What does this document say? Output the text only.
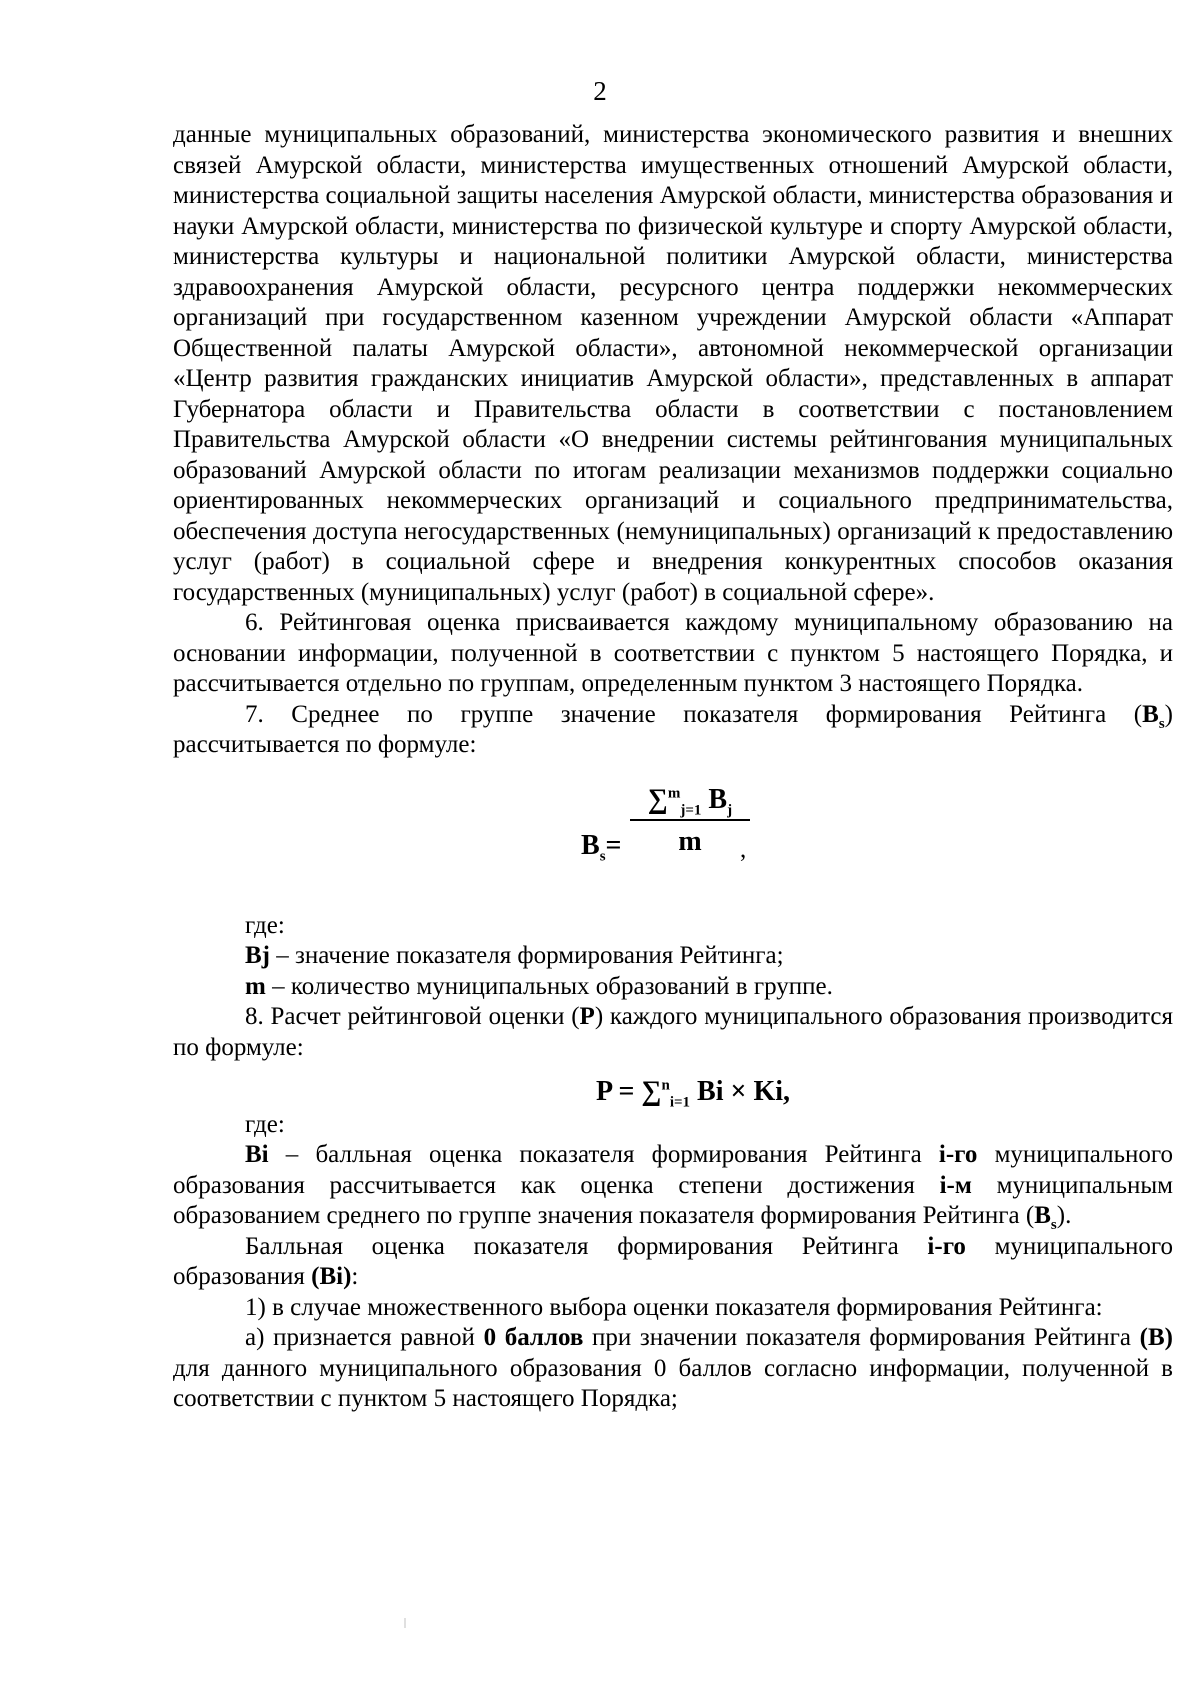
2

данные муниципальных образований, министерства экономического развития и внешних связей Амурской области, министерства имущественных отношений Амурской области, министерства социальной защиты населения Амурской области, министерства образования и науки Амурской области, министерства по физической культуре и спорту Амурской области, министерства культуры и национальной политики Амурской области, министерства здравоохранения Амурской области, ресурсного центра поддержки некоммерческих организаций при государственном казенном учреждении Амурской области «Аппарат Общественной палаты Амурской области», автономной некоммерческой организации «Центр развития гражданских инициатив Амурской области», представленных в аппарат Губернатора области и Правительства области в соответствии с постановлением Правительства Амурской области «О внедрении системы рейтингования муниципальных образований Амурской области по итогам реализации механизмов поддержки социально ориентированных некоммерческих организаций и социального предпринимательства, обеспечения доступа негосударственных (немуниципальных) организаций к предоставлению услуг (работ) в социальной сфере и внедрения конкурентных способов оказания государственных (муниципальных) услуг (работ) в социальной сфере».

6. Рейтинговая оценка присваивается каждому муниципальному образованию на основании информации, полученной в соответствии с пунктом 5 настоящего Порядка, и рассчитывается отдельно по группам, определенным пунктом 3 настоящего Порядка.

7. Среднее по группе значение показателя формирования Рейтинга $(B_s)$ рассчитывается по формуле:

$B_s= \frac{\sum^m_{j=1} B_j}{m}$
,

где:

Bj – значение показателя формирования Рейтинга;

m – количество муниципальных образований в группе.

8. Расчет рейтинговой оценки (P) каждого муниципального образования производится по формуле:

P = ∑$^n_{i=1}$ Bi × Ki,

где:

Bi – балльная оценка показателя формирования Рейтинга i-го муниципального образования рассчитывается как оценка степени достижения i-м муниципальным образованием среднего по группе значения показателя формирования Рейтинга $(B_s)$.

Балльная оценка показателя формирования Рейтинга i-го муниципального образования (Bi):

1) в случае множественного выбора оценки показателя формирования Рейтинга:

а) признается равной 0 баллов при значении показателя формирования Рейтинга (B) для данного муниципального образования 0 баллов согласно информации, полученной в соответствии с пунктом 5 настоящего Порядка;
